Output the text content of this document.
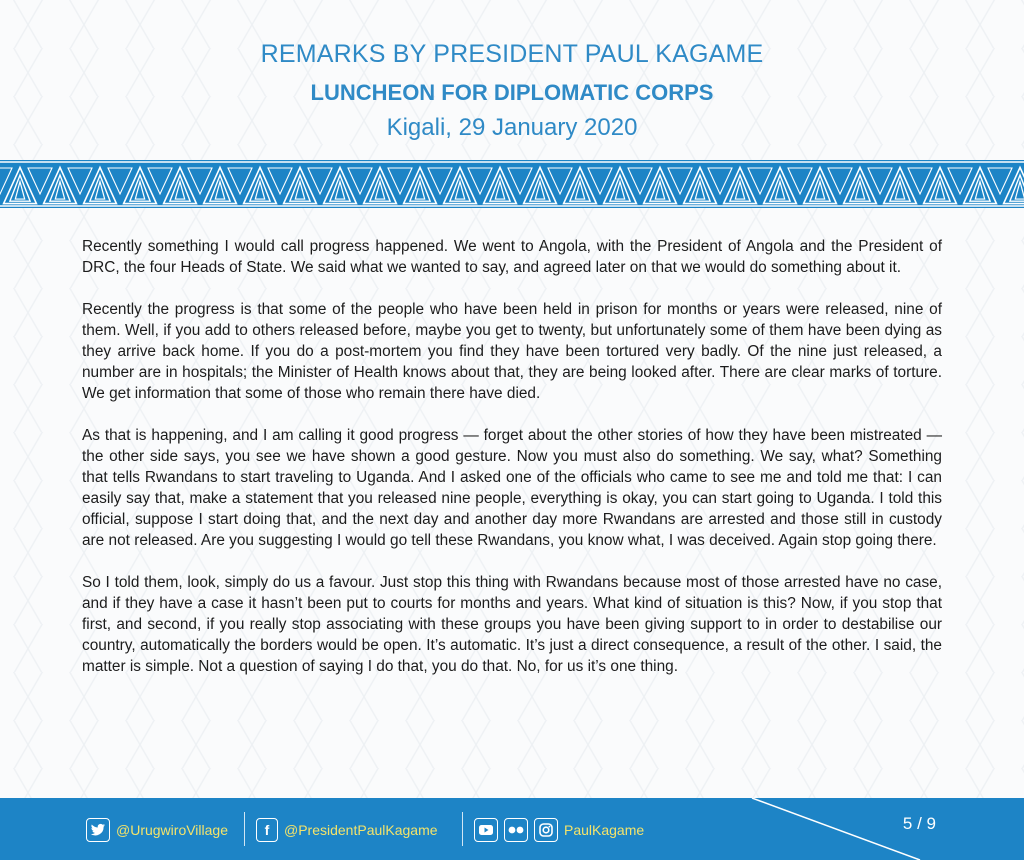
REMARKS BY PRESIDENT PAUL KAGAME
LUNCHEON FOR DIPLOMATIC CORPS
Kigali, 29 January 2020

Recently something I would call progress happened. We went to Angola, with the President of Angola and the President of DRC, the four Heads of State. We said what we wanted to say, and agreed later on that we would do something about it.

Recently the progress is that some of the people who have been held in prison for months or years were released, nine of them. Well, if you add to others released before, maybe you get to twenty, but unfortunately some of them have been dying as they arrive back home. If you do a post-mortem you find they have been tortured very badly. Of the nine just released, a number are in hospitals; the Minister of Health knows about that, they are being looked after. There are clear marks of torture. We get information that some of those who remain there have died.

As that is happening, and I am calling it good progress — forget about the other stories of how they have been mistreated — the other side says, you see we have shown a good gesture. Now you must also do something. We say, what? Something that tells Rwandans to start traveling to Uganda. And I asked one of the officials who came to see me and told me that: I can easily say that, make a statement that you released nine people, everything is okay, you can start going to Uganda. I told this official, suppose I start doing that, and the next day and another day more Rwandans are arrested and those still in custody are not released. Are you suggesting I would go tell these Rwandans, you know what, I was deceived. Again stop going there.

So I told them, look, simply do us a favour. Just stop this thing with Rwandans because most of those arrested have no case, and if they have a case it hasn’t been put to courts for months and years. What kind of situation is this? Now, if you stop that first, and second, if you really stop associating with these groups you have been giving support to in order to destabilise our country, automatically the borders would be open. It’s automatic. It’s just a direct consequence, a result of the other. I said, the matter is simple. Not a question of saying I do that, you do that. No, for us it’s one thing.

@UrugwiroVillage	f	@PresidentPaulKagame	PaulKagame	5 / 9
